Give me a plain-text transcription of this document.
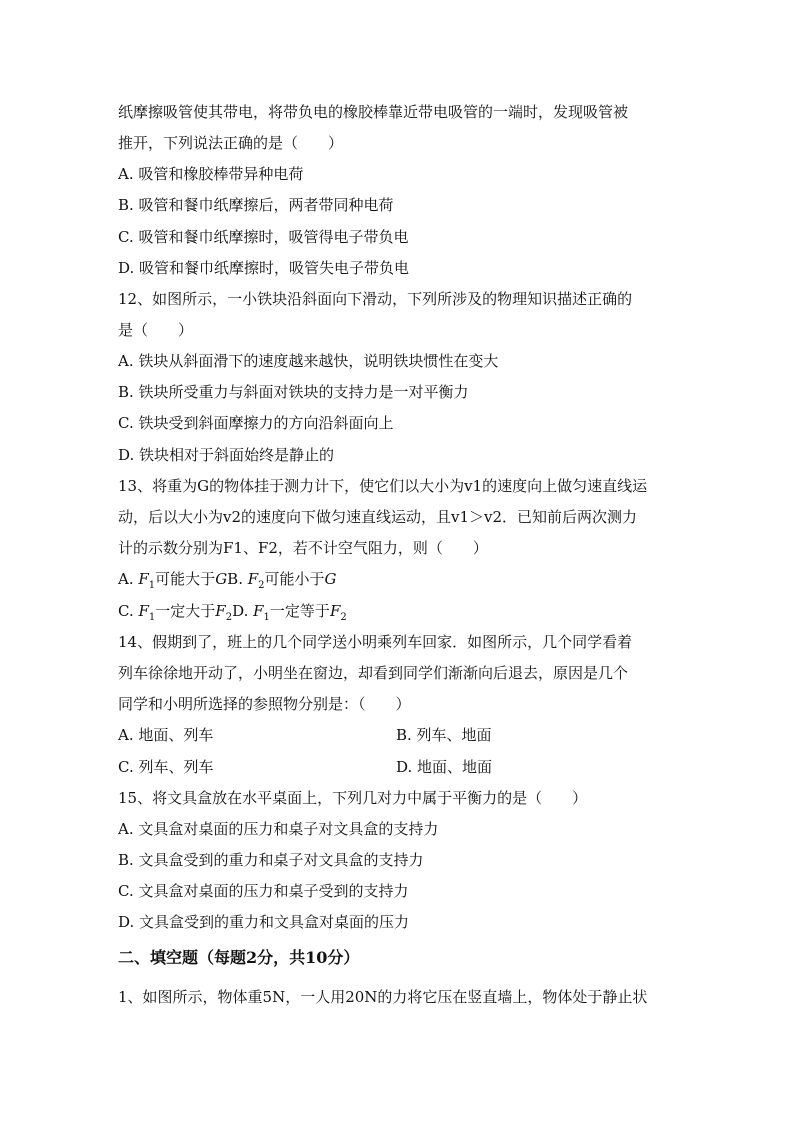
纸摩擦吸管使其带电，将带负电的橡胶棒靠近带电吸管的一端时，发现吸管被
推开，下列说法正确的是（　　）
A. 吸管和橡胶棒带异种电荷
B. 吸管和餐巾纸摩擦后，两者带同种电荷
C. 吸管和餐巾纸摩擦时，吸管得电子带负电
D. 吸管和餐巾纸摩擦时，吸管失电子带负电
12、如图所示，一小铁块沿斜面向下滑动，下列所涉及的物理知识描述正确的
是（　　）
A. 铁块从斜面滑下的速度越来越快，说明铁块惯性在变大
B. 铁块所受重力与斜面对铁块的支持力是一对平衡力
C. 铁块受到斜面摩擦力的方向沿斜面向上
D. 铁块相对于斜面始终是静止的
13、将重为G的物体挂于测力计下，使它们以大小为v1的速度向上做匀速直线运
动，后以大小为v2的速度向下做匀速直线运动，且v1＞v2．已知前后两次测力
计的示数分别为F1、F2，若不计空气阻力，则（　　）
A. $F_1$可能大于GB. $F_2$可能小于G
C. $F_1$一定大于$F_2D$. $F_1$一定等于$F_2$
14、假期到了，班上的几个同学送小明乘列车回家．如图所示，几个同学看着
列车徐徐地开动了，小明坐在窗边，却看到同学们渐渐向后退去，原因是几个
同学和小明所选择的参照物分别是：（　　）
A. 地面、列车	B. 列车、地面
C. 列车、列车	D. 地面、地面
15、将文具盒放在水平桌面上，下列几对力中属于平衡力的是（　　）
A. 文具盒对桌面的压力和桌子对文具盒的支持力
B. 文具盒受到的重力和桌子对文具盒的支持力
C. 文具盒对桌面的压力和桌子受到的支持力
D. 文具盒受到的重力和文具盒对桌面的压力
二、填空题（每题2分，共10分）
1、如图所示，物体重5N，一人用20N的力将它压在竖直墙上，物体处于静止状
